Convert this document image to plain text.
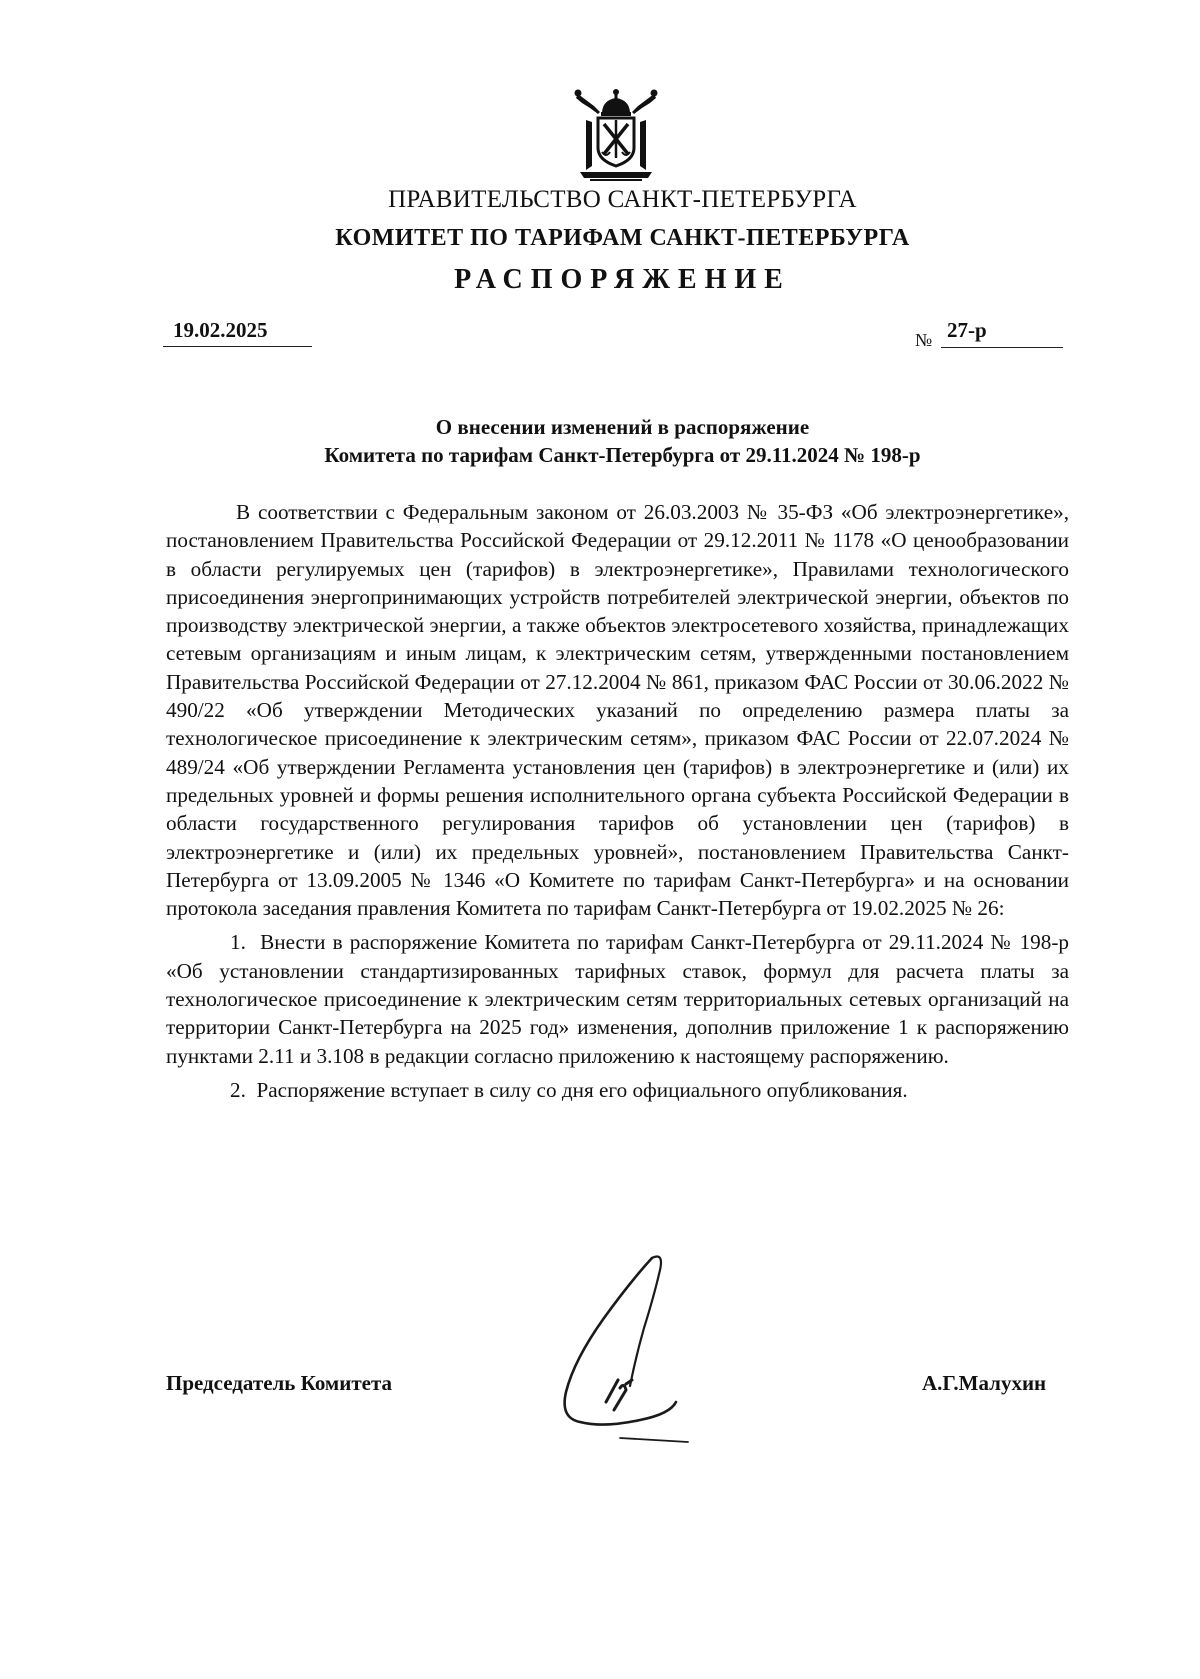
ПРАВИТЕЛЬСТВО САНКТ-ПЕТЕРБУРГА
КОМИТЕТ ПО ТАРИФАМ САНКТ-ПЕТЕРБУРГА
РАСПОРЯЖЕНИЕ
19.02.2025	№ 27-р
О внесении изменений в распоряжение
Комитета по тарифам Санкт-Петербурга от 29.11.2024 № 198-р

В соответствии с Федеральным законом от 26.03.2003 № 35-ФЗ «Об электроэнергетике», постановлением Правительства Российской Федерации от 29.12.2011 № 1178 «О ценообразовании в области регулируемых цен (тарифов) в электроэнергетике», Правилами технологического присоединения энергопринимающих устройств потребителей электрической энергии, объектов по производству электрической энергии, а также объектов электросетевого хозяйства, принадлежащих сетевым организациям и иным лицам, к электрическим сетям, утвержденными постановлением Правительства Российской Федерации от 27.12.2004 № 861, приказом ФАС России от 30.06.2022 № 490/22 «Об утверждении Методических указаний по определению размера платы за технологическое присоединение к электрическим сетям», приказом ФАС России от 22.07.2024 № 489/24 «Об утверждении Регламента установления цен (тарифов) в электроэнергетике и (или) их предельных уровней и формы решения исполнительного органа субъекта Российской Федерации в области государственного регулирования тарифов об установлении цен (тарифов) в электроэнергетике и (или) их предельных уровней», постановлением Правительства Санкт-Петербурга от 13.09.2005 № 1346 «О Комитете по тарифам Санкт-Петербурга» и на основании протокола заседания правления Комитета по тарифам Санкт-Петербурга от 19.02.2025 № 26:

1.  Внести в распоряжение Комитета по тарифам Санкт-Петербурга от 29.11.2024 № 198-р «Об установлении стандартизированных тарифных ставок, формул для расчета платы за технологическое присоединение к электрическим сетям территориальных сетевых организаций на территории Санкт-Петербурга на 2025 год» изменения, дополнив приложение 1 к распоряжению пунктами 2.11 и 3.108 в редакции согласно приложению к настоящему распоряжению.

2.  Распоряжение вступает в силу со дня его официального опубликования.

Председатель Комитета	А.Г.Малухин
